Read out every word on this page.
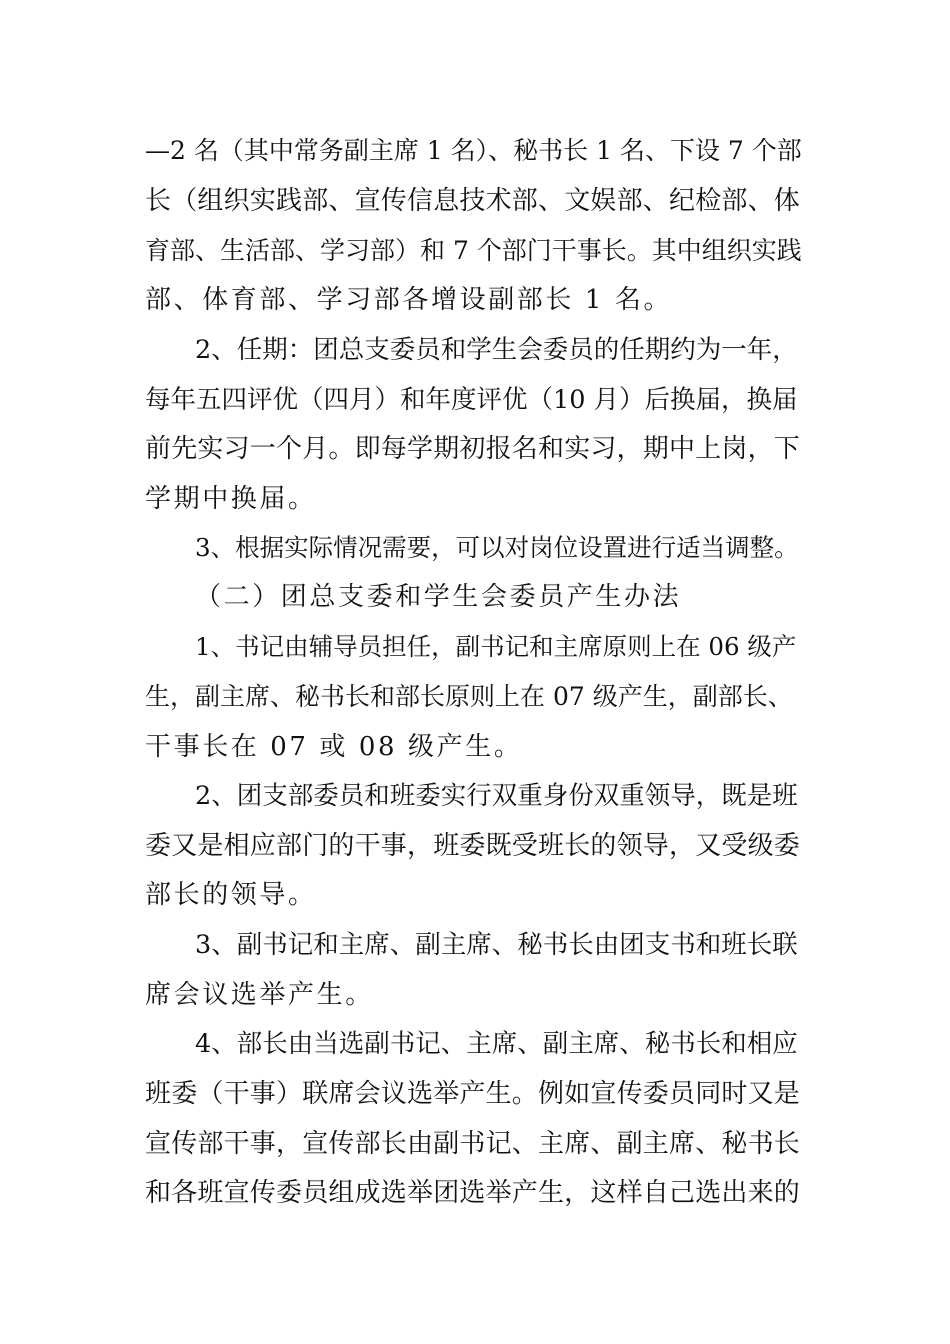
—2 名（其中常务副主席 1 名）、秘书长 1 名、下设 7 个部
长（组织实践部、宣传信息技术部、文娱部、纪检部、体
育部、生活部、学习部）和 7 个部门干事长。其中组织实践
部、体育部、学习部各增设副部长 1 名。
2、任期：团总支委员和学生会委员的任期约为一年，
每年五四评优（四月）和年度评优（10 月）后换届，换届
前先实习一个月。即每学期初报名和实习，期中上岗，下
学期中换届。
3、根据实际情况需要，可以对岗位设置进行适当调整。
（二）团总支委和学生会委员产生办法
1、书记由辅导员担任，副书记和主席原则上在 06 级产
生，副主席、秘书长和部长原则上在 07 级产生，副部长、
干事长在 07 或 08 级产生。
2、团支部委员和班委实行双重身份双重领导，既是班
委又是相应部门的干事，班委既受班长的领导，又受级委
部长的领导。
3、副书记和主席、副主席、秘书长由团支书和班长联
席会议选举产生。
4、部长由当选副书记、主席、副主席、秘书长和相应
班委（干事）联席会议选举产生。例如宣传委员同时又是
宣传部干事，宣传部长由副书记、主席、副主席、秘书长
和各班宣传委员组成选举团选举产生，这样自己选出来的
